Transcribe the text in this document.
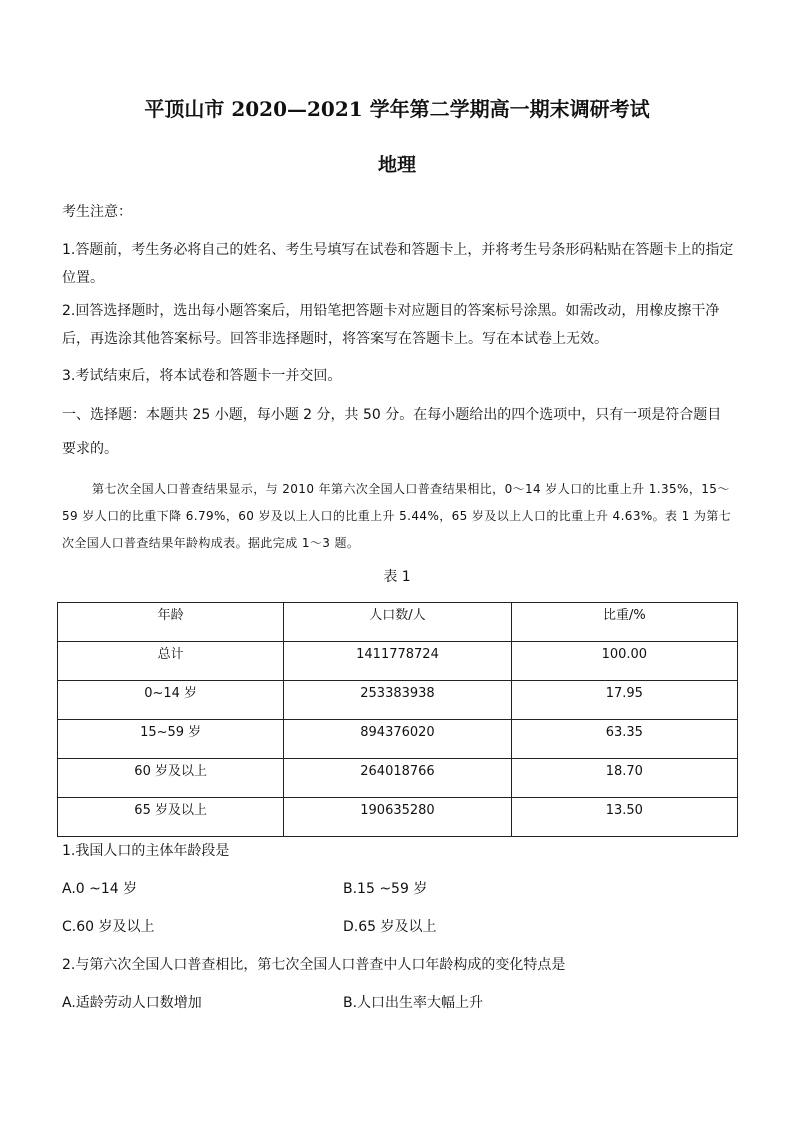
平顶山市 2020—2021 学年第二学期高一期末调研考试
地理
考生注意：
1.答题前，考生务必将自己的姓名、考生号填写在试卷和答题卡上，并将考生号条形码粘贴在答题卡上的指定位置。
2.回答选择题时，选出每小题答案后，用铅笔把答题卡对应题目的答案标号涂黑。如需改动，用橡皮擦干净后，再选涂其他答案标号。回答非选择题时，将答案写在答题卡上。写在本试卷上无效。
3.考试结束后，将本试卷和答题卡一并交回。
一、选择题：本题共 25 小题，每小题 2 分，共 50 分。在每小题给出的四个选项中，只有一项是符合题目要求的。
第七次全国人口普查结果显示，与 2010 年第六次全国人口普查结果相比，0～14 岁人口的比重上升 1.35%，15～59 岁人口的比重下降 6.79%，60 岁及以上人口的比重上升 5.44%，65 岁及以上人口的比重上升 4.63%。表 1 为第七次全国人口普查结果年龄构成表。据此完成 1～3 题。
表 1
年龄	人口数/人	比重/%
总计	1411778724	100.00
0~14 岁	253383938	17.95
15~59 岁	894376020	63.35
60 岁及以上	264018766	18.70
65 岁及以上	190635280	13.50
1.我国人口的主体年龄段是
A.0 ~14 岁	B.15 ~59 岁
C.60 岁及以上	D.65 岁及以上
2.与第六次全国人口普查相比，第七次全国人口普查中人口年龄构成的变化特点是
A.适龄劳动人口数增加	B.人口出生率大幅上升
